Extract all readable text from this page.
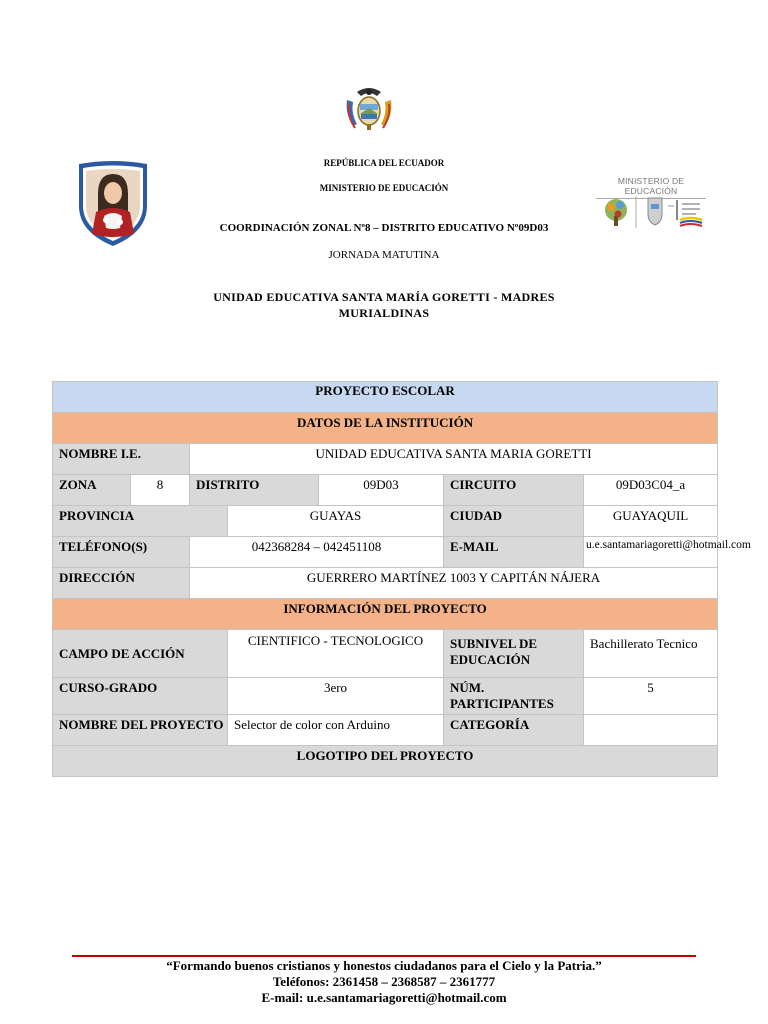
MINISTERIO DE EDUCACIÓN
REPÚBLICA DEL ECUADOR
MINISTERIO DE EDUCACIÓN
COORDINACIÓN ZONAL Nº8 – DISTRITO EDUCATIVO Nº09D03
JORNADA MATUTINA
UNIDAD EDUCATIVA SANTA MARÍA GORETTI - MADRES
MURIALDINAS
PROYECTO ESCOLAR						
DATOS DE LA INSTITUCIÓN						
NOMBRE I.E.		UNIDAD EDUCATIVA SANTA MARIA GORETTI				
ZONA	8	DISTRITO		09D03	CIRCUITO	09D03C04_a
PROVINCIA			GUAYAS		CIUDAD	GUAYAQUIL
TELÉFONO(S)		042368284 – 042451108			E-MAIL	u.e.santamariagoretti@hotmail.com
DIRECCIÓN		GUERRERO MARTÍNEZ 1003 Y CAPITÁN NÁJERA				
INFORMACIÓN DEL PROYECTO						
CAMPO DE ACCIÓN			CIENTIFICO - TECNOLOGICO		SUBNIVEL DE EDUCACIÓN	Bachillerato Tecnico
CURSO-GRADO			3ero		NÚM. PARTICIPANTES	5
NOMBRE DEL PROYECTO			Selector de color con Arduino		CATEGORÍA	
LOGOTIPO DEL PROYECTO						
“Formando buenos cristianos y honestos ciudadanos para el Cielo y la Patria.”
Teléfonos: 2361458 – 2368587 – 2361777
E-mail: u.e.santamariagoretti@hotmail.com
